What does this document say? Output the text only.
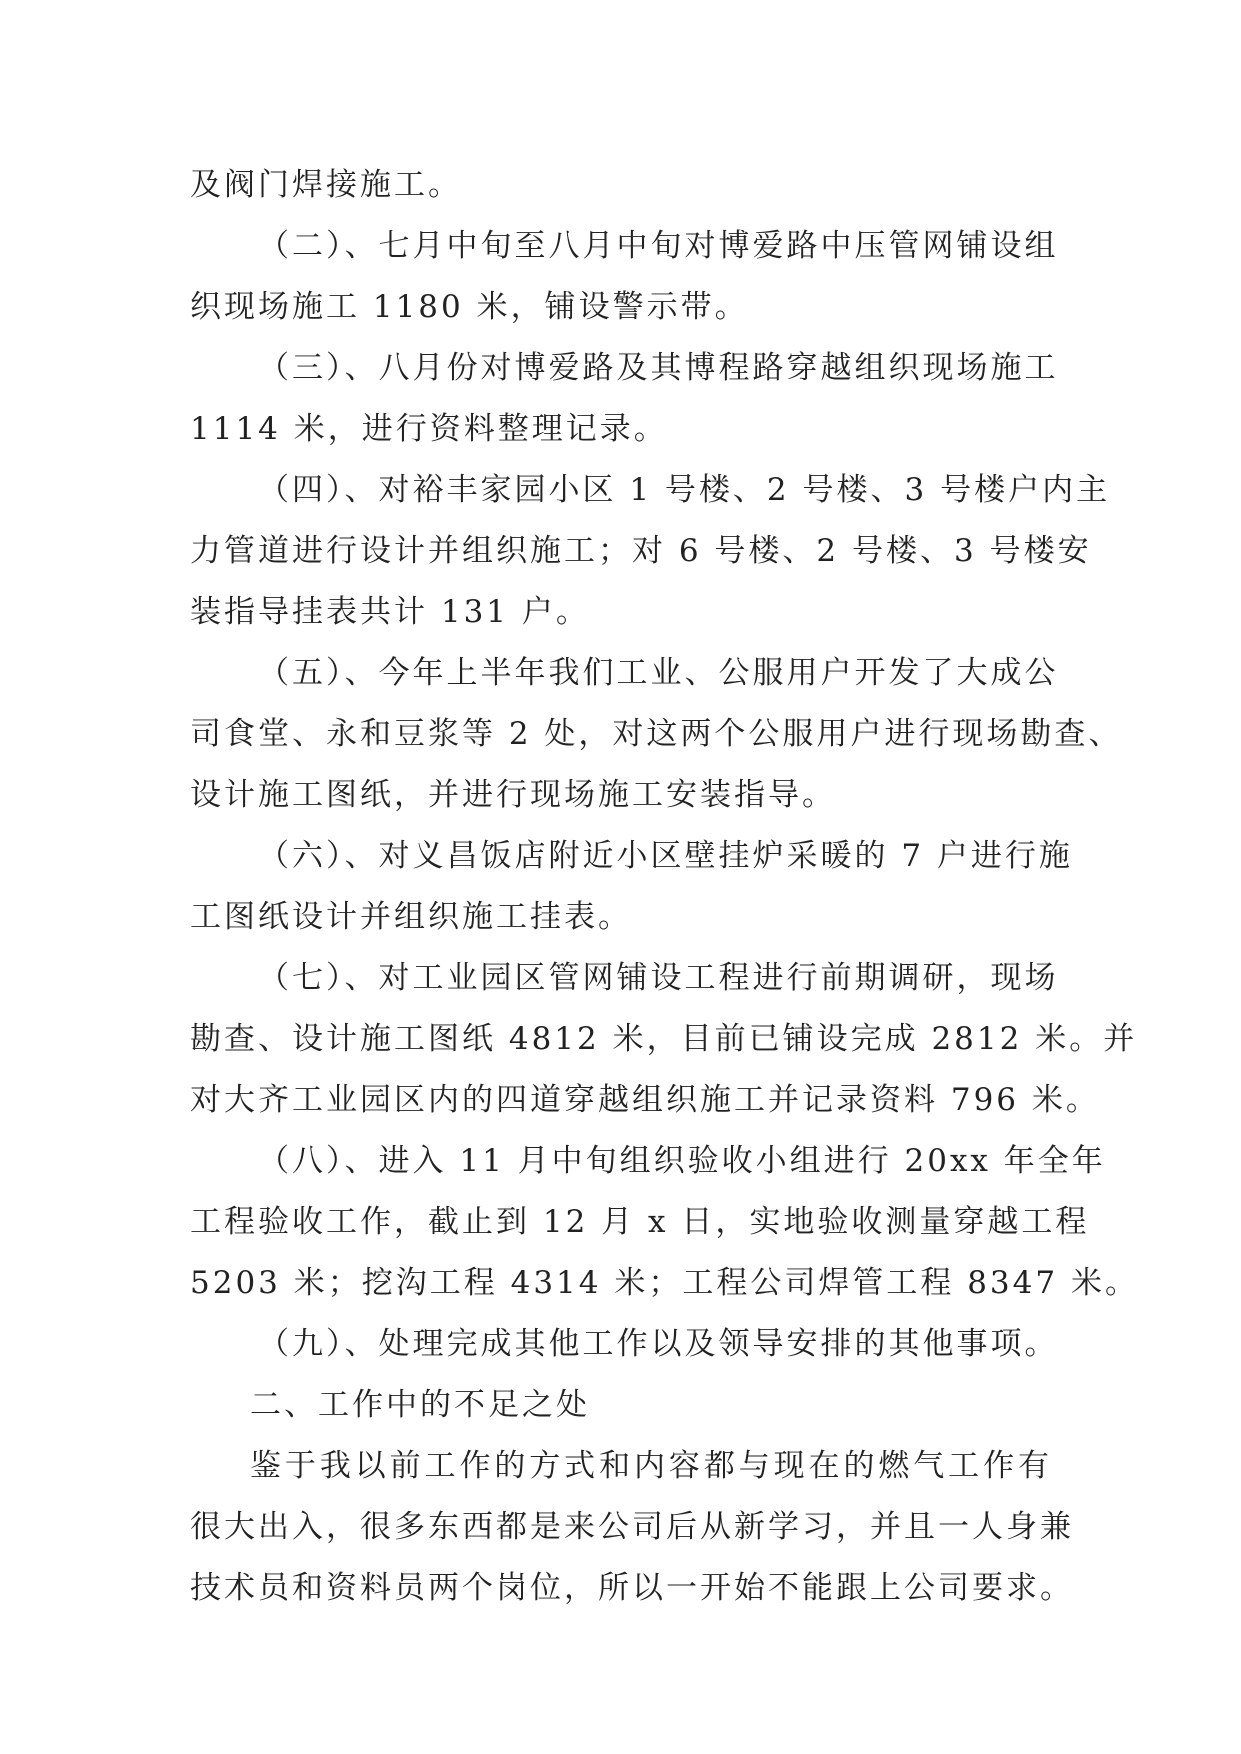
及阀门焊接施工。
（二）、七月中旬至八月中旬对博爱路中压管网铺设组
织现场施工 1180 米，铺设警示带。
（三）、八月份对博爱路及其博程路穿越组织现场施工
1114 米，进行资料整理记录。
（四）、对裕丰家园小区 1 号楼、2 号楼、3 号楼户内主
力管道进行设计并组织施工；对 6 号楼、2 号楼、3 号楼安
装指导挂表共计 131 户。
（五）、今年上半年我们工业、公服用户开发了大成公
司食堂、永和豆浆等 2 处，对这两个公服用户进行现场勘查、
设计施工图纸，并进行现场施工安装指导。
（六）、对义昌饭店附近小区壁挂炉采暖的 7 户进行施
工图纸设计并组织施工挂表。
（七）、对工业园区管网铺设工程进行前期调研，现场
勘查、设计施工图纸 4812 米，目前已铺设完成 2812 米。并
对大齐工业园区内的四道穿越组织施工并记录资料 796 米。
（八）、进入 11 月中旬组织验收小组进行 20xx 年全年
工程验收工作，截止到 12 月 x 日，实地验收测量穿越工程
5203 米；挖沟工程 4314 米；工程公司焊管工程 8347 米。
（九）、处理完成其他工作以及领导安排的其他事项。
二、工作中的不足之处
鉴于我以前工作的方式和内容都与现在的燃气工作有
很大出入，很多东西都是来公司后从新学习，并且一人身兼
技术员和资料员两个岗位，所以一开始不能跟上公司要求。
